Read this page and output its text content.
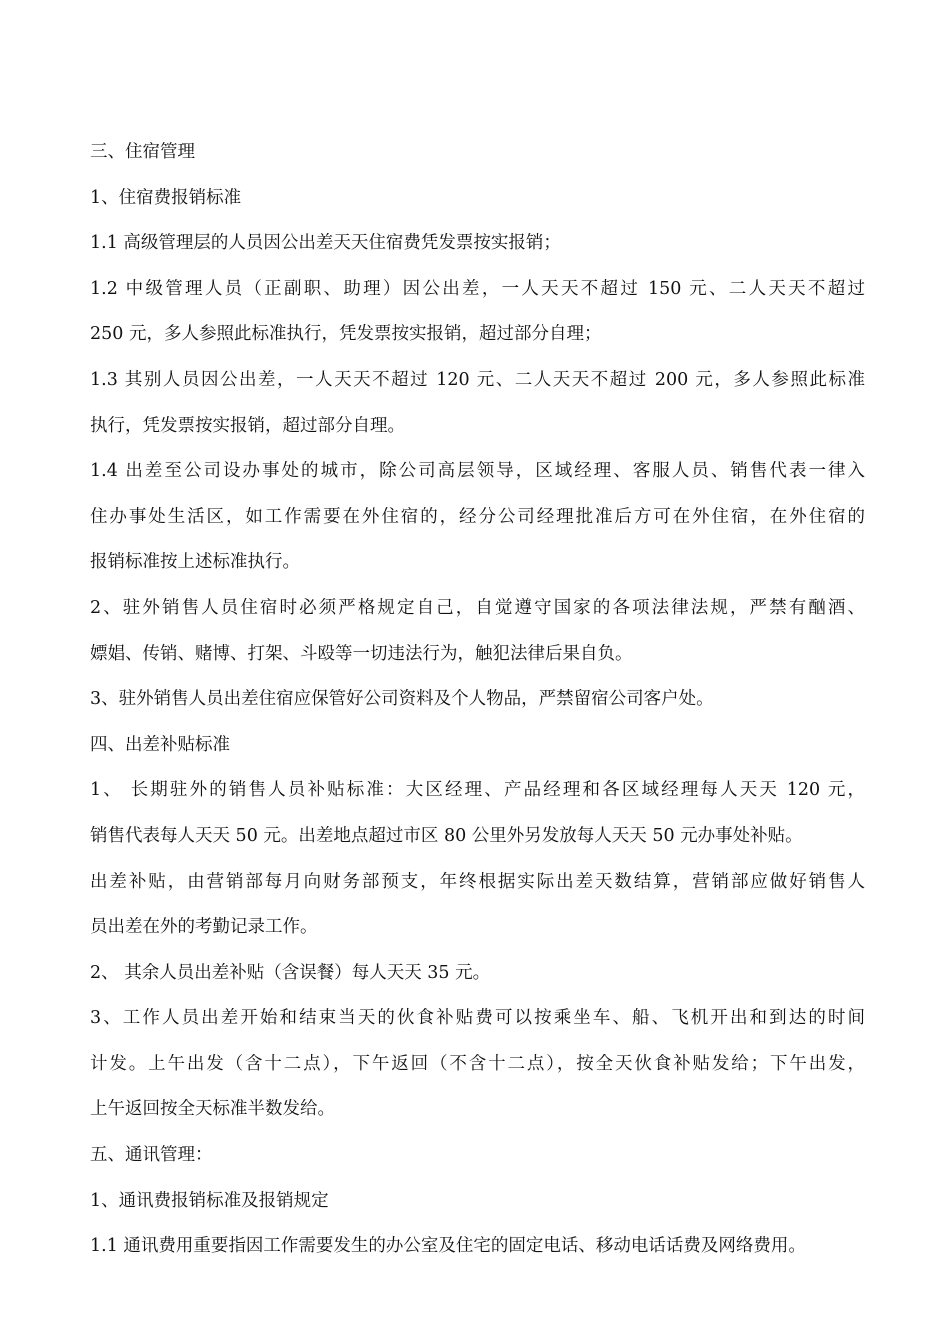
三、住宿管理
1、住宿费报销标准
1.1 高级管理层的人员因公出差天天住宿费凭发票按实报销；
1.2 中级管理人员（正副职、助理）因公出差，一人天天不超过 150 元、二人天天不超过
250 元，多人参照此标准执行，凭发票按实报销，超过部分自理；
1.3 其别人员因公出差，一人天天不超过 120 元、二人天天不超过 200 元，多人参照此标准
执行，凭发票按实报销，超过部分自理。
1.4 出差至公司设办事处的城市，除公司高层领导，区域经理、客服人员、销售代表一律入
住办事处生活区，如工作需要在外住宿的，经分公司经理批准后方可在外住宿，在外住宿的
报销标准按上述标准执行。
2、驻外销售人员住宿时必须严格规定自己，自觉遵守国家的各项法律法规，严禁有酗酒、
嫖娼、传销、赌博、打架、斗殴等一切违法行为，触犯法律后果自负。
3、驻外销售人员出差住宿应保管好公司资料及个人物品，严禁留宿公司客户处。
四、出差补贴标准
1、 长期驻外的销售人员补贴标准：大区经理、产品经理和各区域经理每人天天 120 元，
销售代表每人天天 50 元。出差地点超过市区 80 公里外另发放每人天天 50 元办事处补贴。
出差补贴，由营销部每月向财务部预支，年终根据实际出差天数结算，营销部应做好销售人
员出差在外的考勤记录工作。
2、 其余人员出差补贴（含误餐）每人天天 35 元。
3、工作人员出差开始和结束当天的伙食补贴费可以按乘坐车、船、飞机开出和到达的时间
计发。上午出发（含十二点），下午返回（不含十二点），按全天伙食补贴发给；下午出发，
上午返回按全天标准半数发给。
五、通讯管理：
1、通讯费报销标准及报销规定
1.1 通讯费用重要指因工作需要发生的办公室及住宅的固定电话、移动电话话费及网络费用。
